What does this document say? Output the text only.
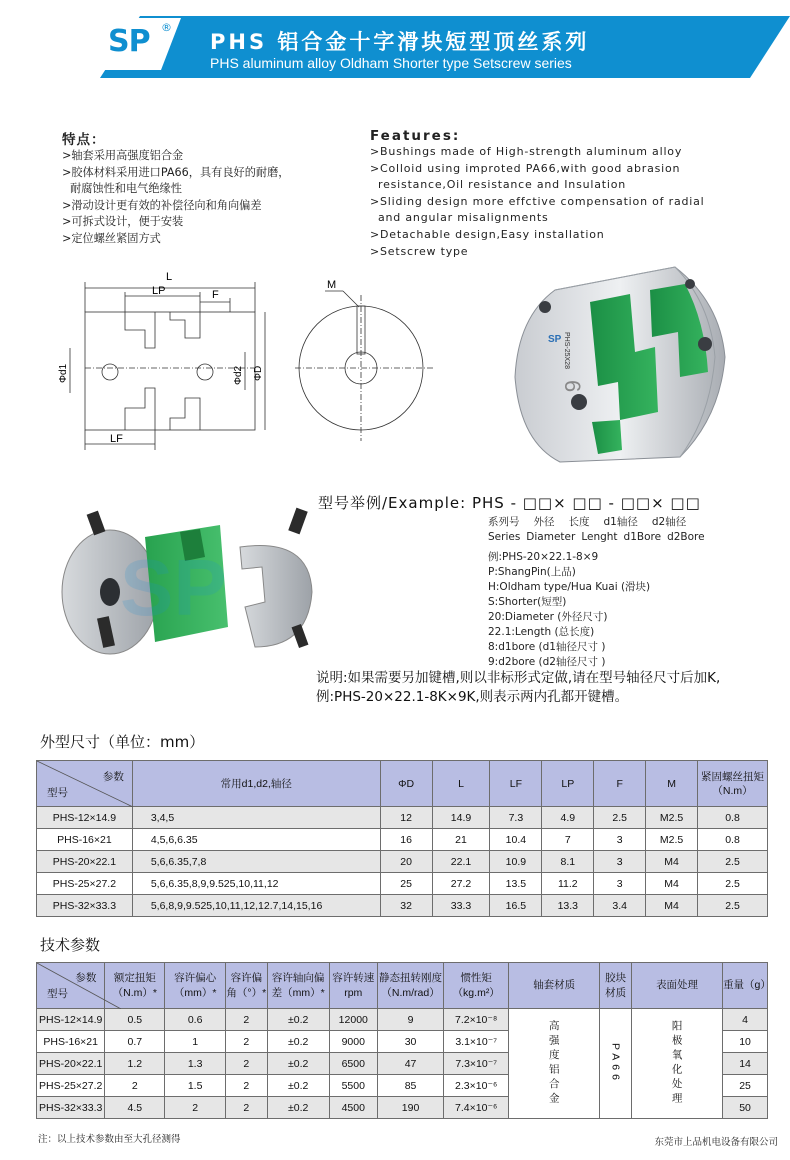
SP ®
PHS 铝合金十字滑块短型顶丝系列
PHS aluminum alloy Oldham Shorter type Setscrew series
特点：
>轴套采用高强度铝合金
>胶体材料采用进口PA66，具有良好的耐磨，
耐腐蚀性和电气绝缘性
>滑动设计更有效的补偿径向和角向偏差
>可拆式设计，便于安装
>定位螺丝紧固方式
Features:
>Bushings made of High-strength aluminum alloy
>Colloid using improted PA66,with good abrasion
resistance,Oil resistance and Insulation
>Sliding design more effctive compensation of radial
and angular misalignments
>Detachable design,Easy installation
>Setscrew type
L
LP	F
LF
Φd1	Φd2 ΦD
M
6
PHS-25X28
SP
SP
型号举例/Example: PHS - □□× □□ - □□× □□
系列号 外径 长度 d1轴径 d2轴径
Series Diameter Lenght d1Bore d2Bore
例:PHS-20×22.1-8×9
P:ShangPin(上品)
H:Oldham type/Hua Kuai (滑块)
S:Shorter(短型)
20:Diameter (外径尺寸)
22.1:Length (总长度)
8:d1bore (d1轴径尺寸 )
9:d2bore (d2轴径尺寸 )
说明:如果需要另加键槽,则以非标形式定做,请在型号轴径尺寸后加K,
例:PHS-20×22.1-8K×9K,则表示两内孔都开键槽。
外型尺寸（单位：mm）
参数
型号	常用d1,d2,轴径	ΦD	L	LF	LP	F	M	紧固螺丝扭矩（N.m）
PHS-12×14.9	3,4,5	12	14.9	7.3	4.9	2.5	M2.5	0.8
PHS-16×21	4,5,6,6.35	16	21	10.4	7	3	M2.5	0.8
PHS-20×22.1	5,6,6.35,7,8	20	22.1	10.9	8.1	3	M4	2.5
PHS-25×27.2	5,6,6.35,8,9,9.525,10,11,12	25	27.2	13.5	11.2	3	M4	2.5
PHS-32×33.3	5,6,8,9,9.525,10,11,12,12.7,14,15,16	32	33.3	16.5	13.3	3.4	M4	2.5
技术参数
参数
型号	额定扭矩（N.m）*	容许偏心（mm）*	容许偏角（°）*	容许轴向偏差（mm）*	容许转速 rpm	静态扭转刚度（N.m/rad）	惯性矩（kg.m²）	轴套材质	胶块材质	表面处理	重量（g）
PHS-12×14.9	0.5	0.6	2	±0.2	12000	9	7.2×10⁻⁸	高强度铝合金	PA66	阳极氧化处理	4
PHS-16×21	0.7	1	2	±0.2	9000	30	3.1×10⁻⁷				10
PHS-20×22.1	1.2	1.3	2	±0.2	6500	47	7.3×10⁻⁷				14
PHS-25×27.2	2	1.5	2	±0.2	5500	85	2.3×10⁻⁶				25
PHS-32×33.3	4.5	2	2	±0.2	4500	190	7.4×10⁻⁶				50
注：以上技术参数由至大孔径测得	东莞市上品机电设备有限公司
